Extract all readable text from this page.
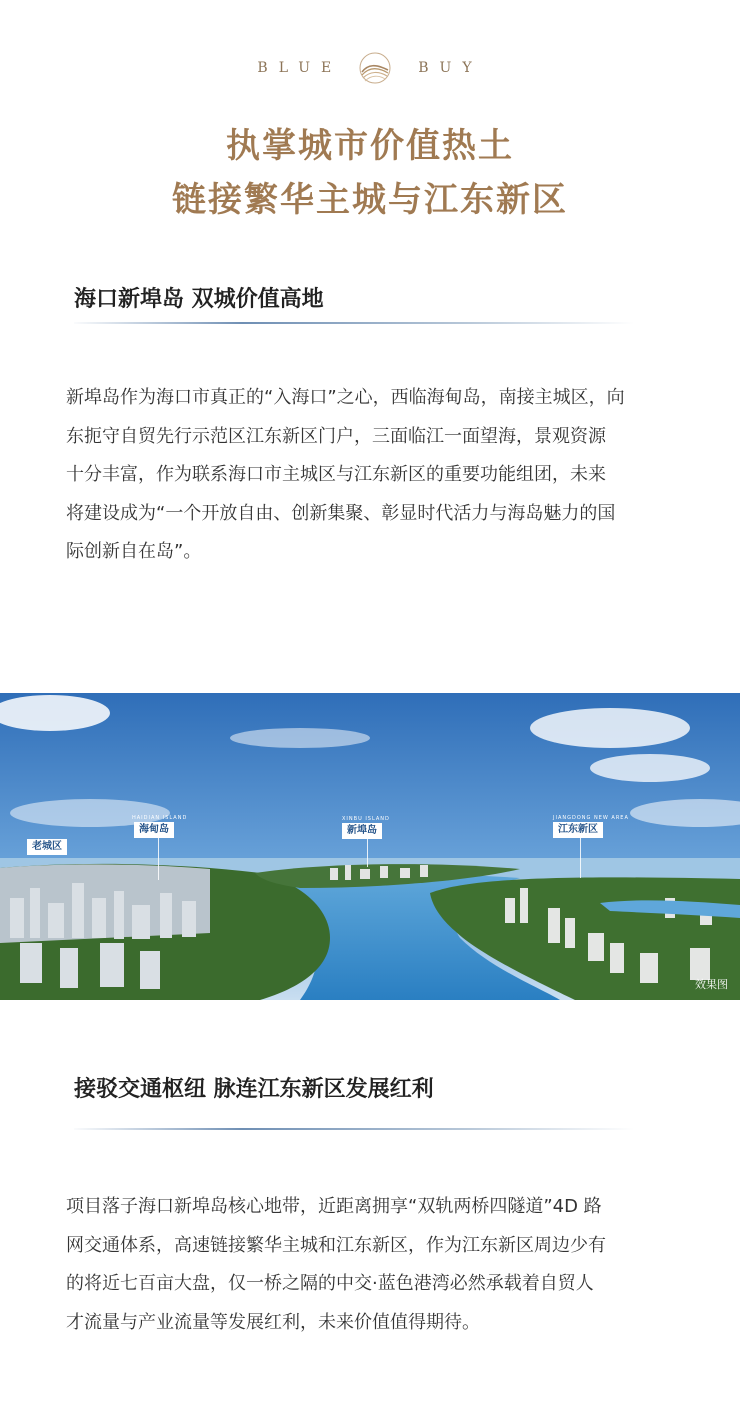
BLUE	BUY
执掌城市价值热土
链接繁华主城与江东新区
海口新埠岛 双城价值高地
新埠岛作为海口市真正的“入海口”之心，西临海甸岛，南接主城区，向
东扼守自贸先行示范区江东新区门户，三面临江一面望海，景观资源
十分丰富，作为联系海口市主城区与江东新区的重要功能组团，未来
将建设成为“一个开放自由、创新集聚、彰显时代活力与海岛魅力的国
际创新自在岛”。
老城区
HAIDIAN ISLAND
海甸岛
XINBU ISLAND
新埠岛
JIANGDONG NEW AREA
江东新区
效果图
接驳交通枢纽 脉连江东新区发展红利
项目落子海口新埠岛核心地带，近距离拥享“双轨两桥四隧道”4D 路
网交通体系，高速链接繁华主城和江东新区，作为江东新区周边少有
的将近七百亩大盘，仅一桥之隔的中交·蓝色港湾必然承载着自贸人
才流量与产业流量等发展红利，未来价值值得期待。
